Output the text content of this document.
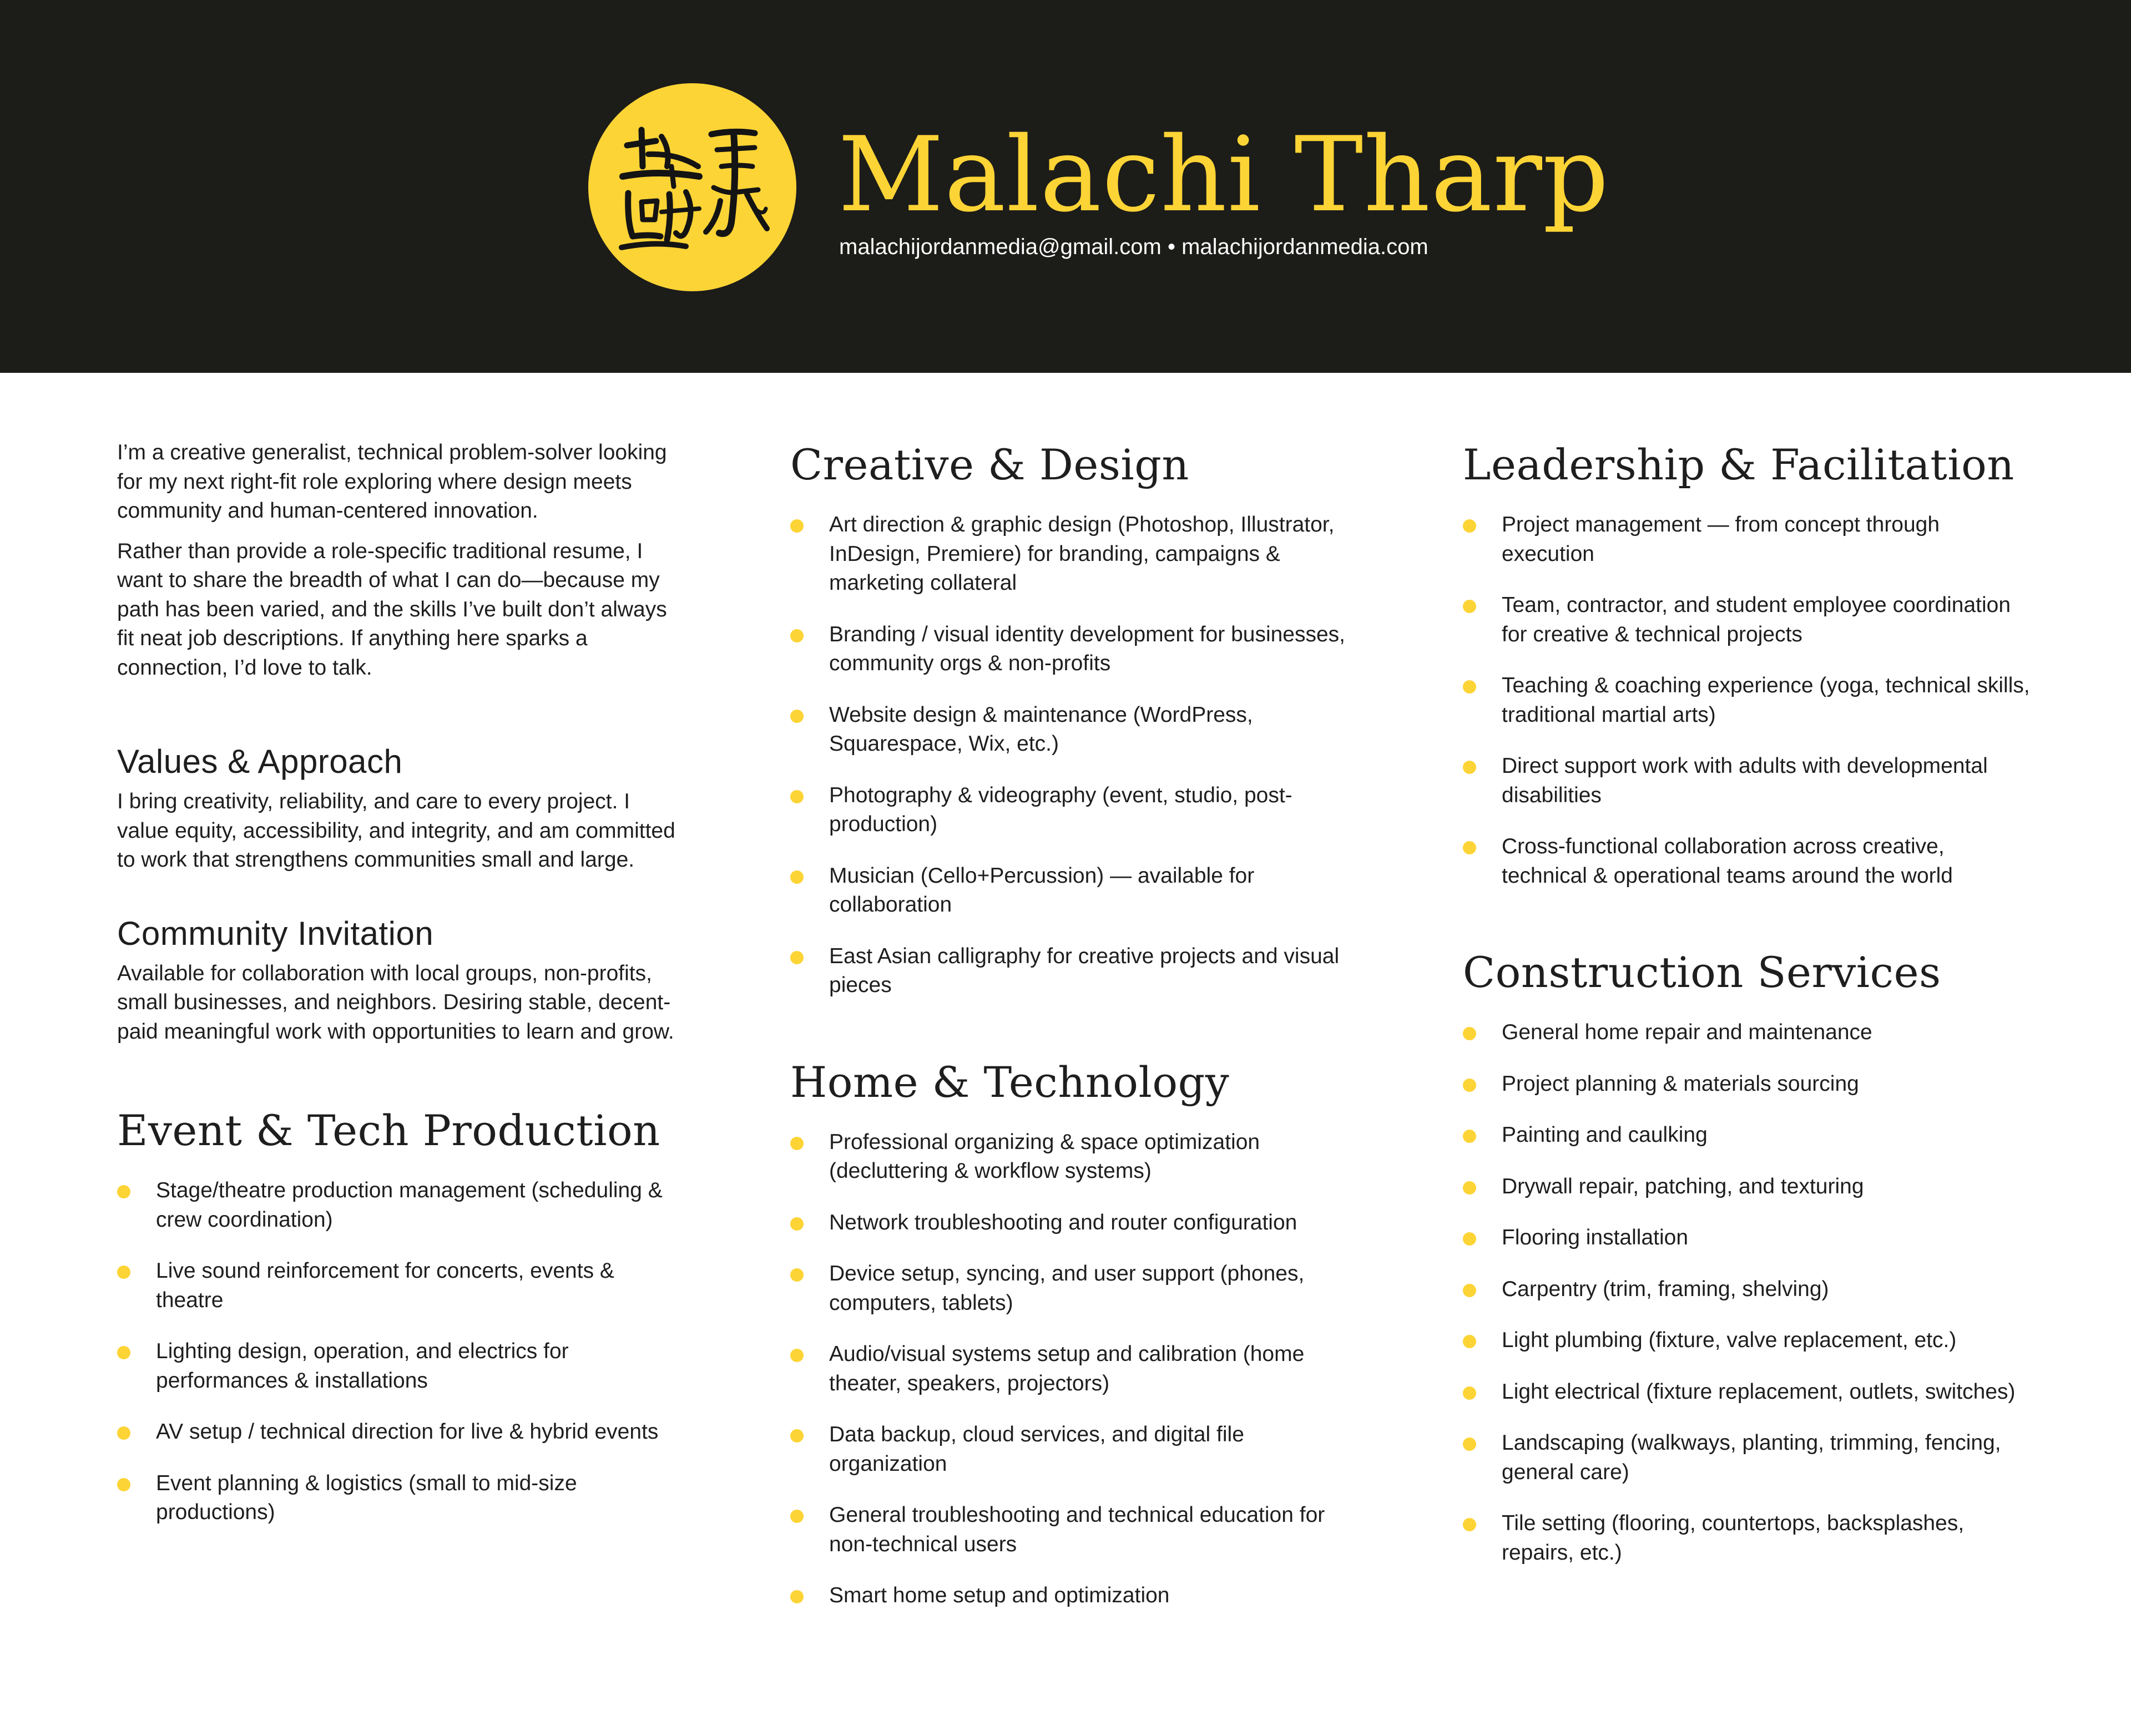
Malachi Tharp
malachijordanmedia@gmail.com • malachijordanmedia.com

I’m a creative generalist, technical problem-solver looking for my next right-fit role exploring where design meets community and human-centered innovation.

Rather than provide a role-specific traditional resume, I want to share the breadth of what I can do—because my path has been varied, and the skills I’ve built don’t always fit neat job descriptions. If anything here sparks a connection, I’d love to talk.

Values & Approach

I bring creativity, reliability, and care to every project. I value equity, accessibility, and integrity, and am committed to work that strengthens communities small and large.

Community Invitation

Available for collaboration with local groups, non-profits, small businesses, and neighbors. Desiring stable, decent-paid meaningful work with opportunities to learn and grow.

Event & Tech Production
Stage/theatre production management (scheduling & crew coordination)
Live sound reinforcement for concerts, events & theatre
Lighting design, operation, and electrics for performances & installations
AV setup / technical direction for live & hybrid events
Event planning & logistics (small to mid-size productions)
Creative & Design
Art direction & graphic design (Photoshop, Illustrator, InDesign, Premiere) for branding, campaigns & marketing collateral
Branding / visual identity development for businesses, community orgs & non-profits
Website design & maintenance (WordPress, Squarespace, Wix, etc.)
Photography & videography (event, studio, post-production)
Musician (Cello+Percussion) — available for collaboration
East Asian calligraphy for creative projects and visual pieces
Home & Technology
Professional organizing & space optimization (decluttering & workflow systems)
Network troubleshooting and router configuration
Device setup, syncing, and user support (phones, computers, tablets)
Audio/visual systems setup and calibration (home theater, speakers, projectors)
Data backup, cloud services, and digital file organization
General troubleshooting and technical education for non-technical users
Smart home setup and optimization
Leadership & Facilitation
Project management — from concept through execution
Team, contractor, and student employee coordination for creative & technical projects
Teaching & coaching experience (yoga, technical skills, traditional martial arts)
Direct support work with adults with developmental disabilities
Cross-functional collaboration across creative, technical & operational teams around the world
Construction Services
General home repair and maintenance
Project planning & materials sourcing
Painting and caulking
Drywall repair, patching, and texturing
Flooring installation
Carpentry (trim, framing, shelving)
Light plumbing (fixture, valve replacement, etc.)
Light electrical (fixture replacement, outlets, switches)
Landscaping (walkways, planting, trimming, fencing, general care)
Tile setting (flooring, countertops, backsplashes, repairs, etc.)
